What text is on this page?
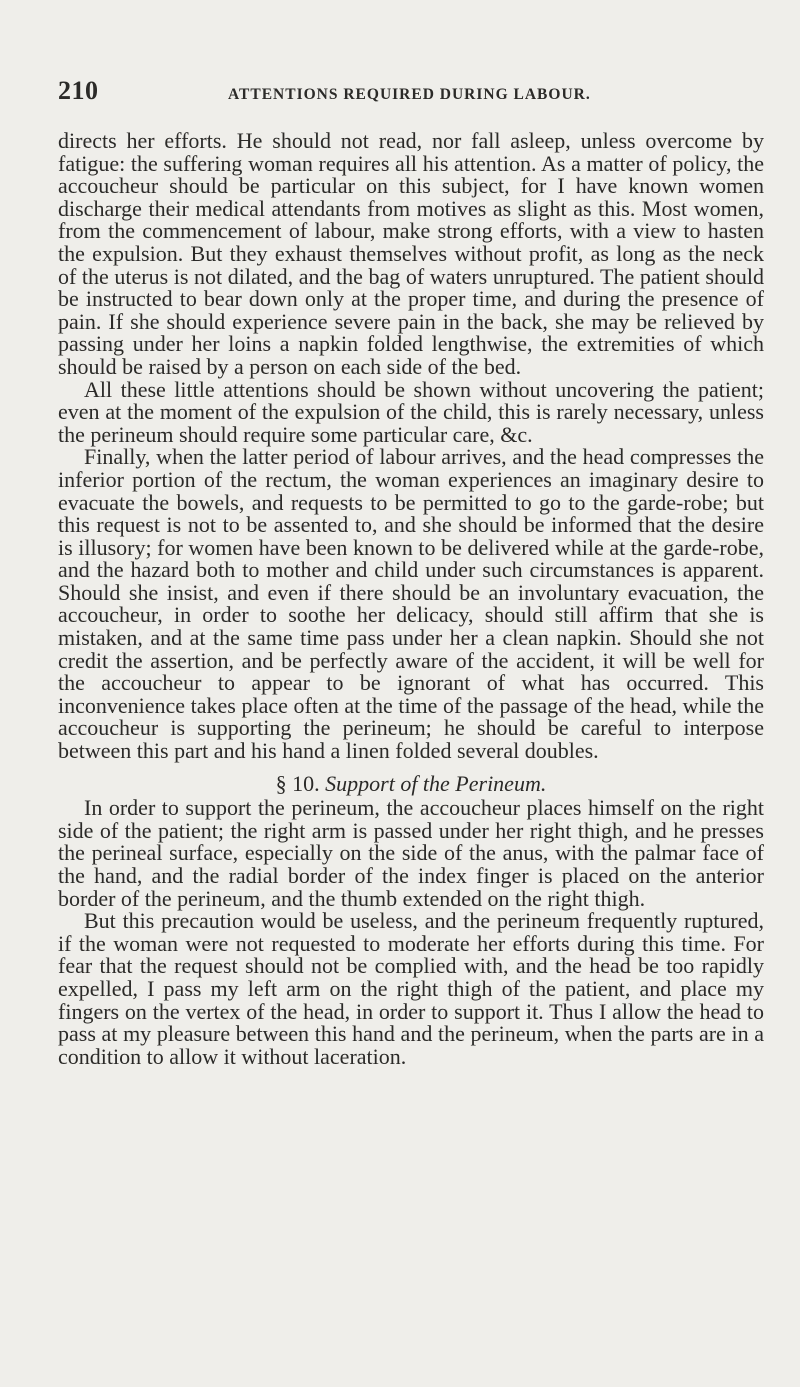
210	ATTENTIONS REQUIRED DURING LABOUR.

directs her efforts. He should not read, nor fall asleep, unless overcome by fatigue: the suffering woman requires all his attention. As a matter of policy, the accoucheur should be particular on this subject, for I have known women discharge their medical attendants from motives as slight as this. Most women, from the commencement of labour, make strong efforts, with a view to hasten the expulsion. But they exhaust themselves without profit, as long as the neck of the uterus is not dilated, and the bag of waters unruptured. The patient should be instructed to bear down only at the proper time, and during the presence of pain. If she should experience severe pain in the back, she may be relieved by passing under her loins a napkin folded lengthwise, the extremities of which should be raised by a person on each side of the bed.

All these little attentions should be shown without uncovering the patient; even at the moment of the expulsion of the child, this is rarely necessary, unless the perineum should require some particular care, &c.

Finally, when the latter period of labour arrives, and the head compresses the inferior portion of the rectum, the woman experiences an imaginary desire to evacuate the bowels, and requests to be permitted to go to the garde-robe; but this request is not to be assented to, and she should be informed that the desire is illusory; for women have been known to be delivered while at the garde-robe, and the hazard both to mother and child under such circumstances is apparent. Should she insist, and even if there should be an involuntary evacuation, the accoucheur, in order to soothe her delicacy, should still affirm that she is mistaken, and at the same time pass under her a clean napkin. Should she not credit the assertion, and be perfectly aware of the accident, it will be well for the accoucheur to appear to be ignorant of what has occurred. This inconvenience takes place often at the time of the passage of the head, while the accoucheur is supporting the perineum; he should be careful to interpose between this part and his hand a linen folded several doubles.

§ 10. Support of the Perineum.

In order to support the perineum, the accoucheur places himself on the right side of the patient; the right arm is passed under her right thigh, and he presses the perineal surface, especially on the side of the anus, with the palmar face of the hand, and the radial border of the index finger is placed on the anterior border of the perineum, and the thumb extended on the right thigh.

But this precaution would be useless, and the perineum frequently ruptured, if the woman were not requested to moderate her efforts during this time. For fear that the request should not be complied with, and the head be too rapidly expelled, I pass my left arm on the right thigh of the patient, and place my fingers on the vertex of the head, in order to support it. Thus I allow the head to pass at my pleasure between this hand and the perineum, when the parts are in a condition to allow it without laceration.
